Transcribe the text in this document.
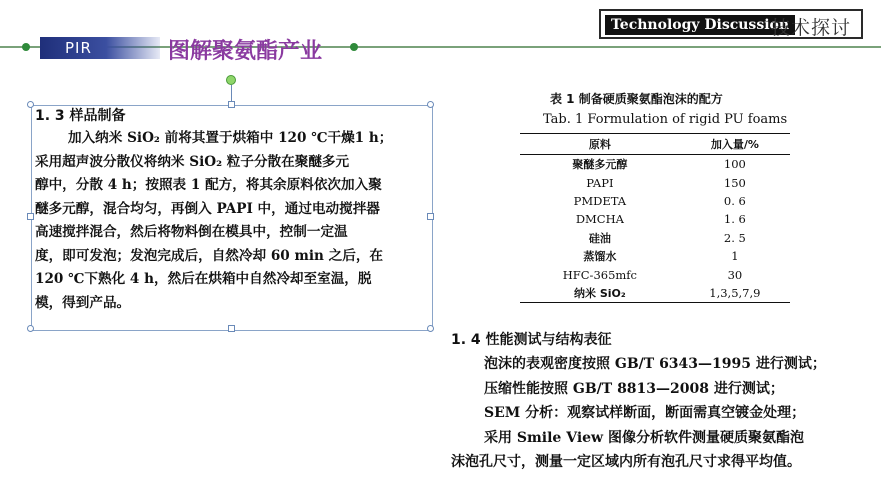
PIR	图解聚氨酯产业
Technology Discussion
技术探讨
1. 3 样品制备

加入纳米 SiO₂ 前将其置于烘箱中 120 ℃干燥1 h；
采用超声波分散仪将纳米 SiO₂ 粒子分散在聚醚多元
醇中，分散 4 h；按照表 1 配方，将其余原料依次加入聚
醚多元醇，混合均匀，再倒入 PAPI 中，通过电动搅拌器
高速搅拌混合，然后将物料倒在模具中，控制一定温
度，即可发泡；发泡完成后，自然冷却 60 min 之后，在
120 ℃下熟化 4 h，然后在烘箱中自然冷却至室温，脱
模，得到产品。

表 1 制备硬质聚氨酯泡沫的配方
Tab. 1 Formulation of rigid PU foams
原料	加入量/%
聚醚多元醇	100
PAPI	150
PMDETA	0. 6
DMCHA	1. 6
硅油	2. 5
蒸馏水	1
HFC-365mfc	30
纳米 SiO₂	1,3,5,7,9
1. 4 性能测试与结构表征
泡沫的表观密度按照 GB/T 6343—1995 进行测试；
压缩性能按照 GB/T 8813—2008 进行测试；
SEM 分析：观察试样断面，断面需真空镀金处理；
采用 Smile View 图像分析软件测量硬质聚氨酯泡
沫泡孔尺寸，测量一定区域内所有泡孔尺寸求得平均值。
